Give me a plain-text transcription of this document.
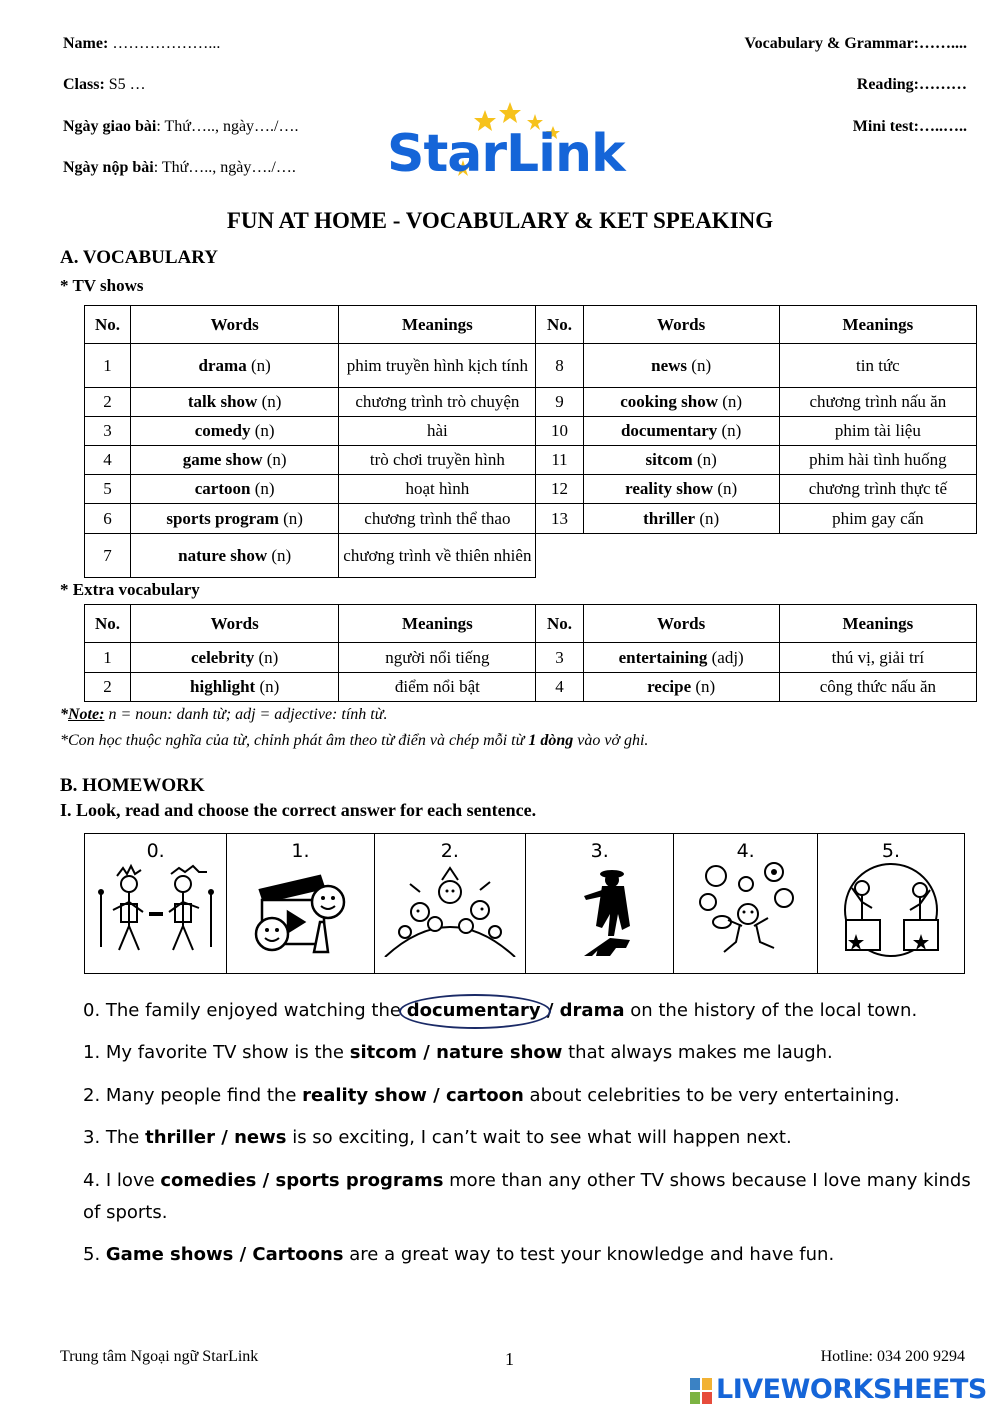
Name: ………………...
Class: S5 …
Ngày giao bài: Thứ….., ngày…./….
Ngày nộp bài: Thứ….., ngày…./….
Vocabulary & Grammar:……....
Reading:………
Mini test:…..…..
StarLink
FUN AT HOME - VOCABULARY & KET SPEAKING
A. VOCABULARY
* TV shows
No.	Words	Meanings	No.	Words	Meanings
1	drama (n)	phim truyền hình kịch tính	8	news (n)	tin tức
2	talk show (n)	chương trình trò chuyện	9	cooking show (n)	chương trình nấu ăn
3	comedy (n)	hài	10	documentary (n)	phim tài liệu
4	game show (n)	trò chơi truyền hình	11	sitcom (n)	phim hài tình huống
5	cartoon (n)	hoạt hình	12	reality show (n)	chương trình thực tế
6	sports program (n)	chương trình thể thao	13	thriller (n)	phim gay cấn
7	nature show (n)	chương trình về thiên nhiên			
* Extra vocabulary
No.	Words	Meanings	No.	Words	Meanings
1	celebrity (n)	người nổi tiếng	3	entertaining (adj)	thú vị, giải trí
2	highlight (n)	điểm nổi bật	4	recipe (n)	công thức nấu ăn
*Note: n = noun: danh từ; adj = adjective: tính từ.
*Con học thuộc nghĩa của từ, chỉnh phát âm theo từ điển và chép mỗi từ 1 dòng vào vở ghi.
B. HOMEWORK
I. Look, read and choose the correct answer for each sentence.
0.	1.	2.	3.	4.	5.
0. The family enjoyed watching the documentary / drama on the history of the local town.
1. My favorite TV show is the sitcom / nature show that always makes me laugh.
2. Many people find the reality show / cartoon about celebrities to be very entertaining.
3. The thriller / news is so exciting, I can’t wait to see what will happen next.
4. I love comedies / sports programs more than any other TV shows because I love many kinds of sports.
5. Game shows / Cartoons are a great way to test your knowledge and have fun.
Trung tâm Ngoại ngữ StarLink	1	Hotline: 034 200 9294
LIVEWORKSHEETS
